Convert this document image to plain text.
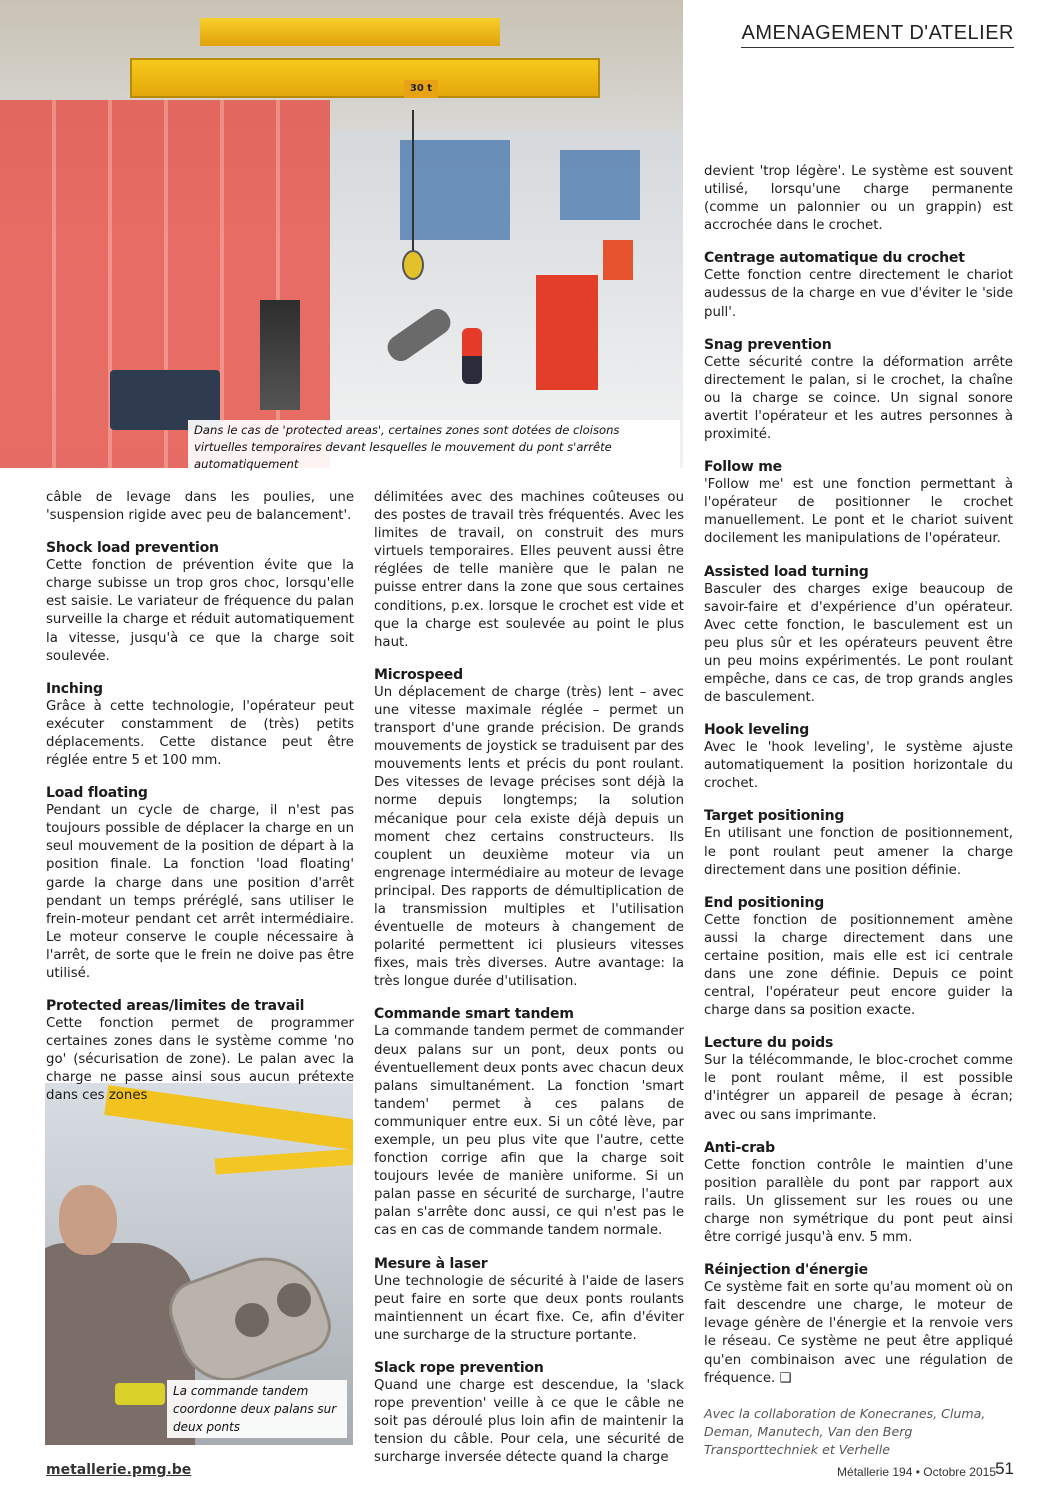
AMENAGEMENT D'ATELIER
30 t
Dans le cas de 'protected areas', certaines zones sont dotées de cloisons virtuelles temporaires devant lesquelles le mouvement du pont s'arrête automatiquement
La commande tandem coordonne deux palans sur deux ponts

câble de levage dans les poulies, une 'suspension rigide avec peu de balancement'.

Shock load prevention

Cette fonction de prévention évite que la charge subisse un trop gros choc, lorsqu'elle est saisie. Le variateur de fréquence du palan surveille la charge et réduit automatiquement la vitesse, jusqu'à ce que la charge soit soulevée.

Inching

Grâce à cette technologie, l'opérateur peut exécuter constamment de (très) petits déplacements. Cette distance peut être réglée entre 5 et 100 mm.

Load floating

Pendant un cycle de charge, il n'est pas toujours possible de déplacer la charge en un seul mouvement de la position de départ à la position finale. La fonction 'load floating' garde la charge dans une position d'arrêt pendant un temps préréglé, sans utiliser le frein-moteur pendant cet arrêt intermédiaire. Le moteur conserve le couple nécessaire à l'arrêt, de sorte que le frein ne doive pas être utilisé.

Protected areas/limites de travail

Cette fonction permet de programmer certaines zones dans le système comme 'no go' (sécurisation de zone). Le palan avec la charge ne passe ainsi sous aucun prétexte dans ces zones

délimitées avec des machines coûteuses ou des postes de travail très fréquentés. Avec les limites de travail, on construit des murs virtuels temporaires. Elles peuvent aussi être réglées de telle manière que le palan ne puisse entrer dans la zone que sous certaines conditions, p.ex. lorsque le crochet est vide et que la charge est soulevée au point le plus haut.

Microspeed

Un déplacement de charge (très) lent – avec une vitesse maximale réglée – permet un transport d'une grande précision. De grands mouvements de joystick se traduisent par des mouvements lents et précis du pont roulant. Des vitesses de levage précises sont déjà la norme depuis longtemps; la solution mécanique pour cela existe déjà depuis un moment chez certains constructeurs. Ils couplent un deuxième moteur via un engrenage intermédiaire au moteur de levage principal. Des rapports de démultiplication de la transmission multiples et l'utilisation éventuelle de moteurs à changement de polarité permettent ici plusieurs vitesses fixes, mais très diverses. Autre avantage: la très longue durée d'utilisation.

Commande smart tandem

La commande tandem permet de commander deux palans sur un pont, deux ponts ou éventuellement deux ponts avec chacun deux palans simultanément. La fonction 'smart tandem' permet à ces palans de communiquer entre eux. Si un côté lève, par exemple, un peu plus vite que l'autre, cette fonction corrige afin que la charge soit toujours levée de manière uniforme. Si un palan passe en sécurité de surcharge, l'autre palan s'arrête donc aussi, ce qui n'est pas le cas en cas de commande tandem normale.

Mesure à laser

Une technologie de sécurité à l'aide de lasers peut faire en sorte que deux ponts roulants maintiennent un écart fixe. Ce, afin d'éviter une surcharge de la structure portante.

Slack rope prevention

Quand une charge est descendue, la 'slack rope prevention' veille à ce que le câble ne soit pas déroulé plus loin afin de maintenir la tension du câble. Pour cela, une sécurité de surcharge inversée détecte quand la charge

devient 'trop légère'. Le système est souvent utilisé, lorsqu'une charge permanente (comme un palonnier ou un grappin) est accrochée dans le crochet.

Centrage automatique du crochet

Cette fonction centre directement le chariot audessus de la charge en vue d'éviter le 'side pull'.

Snag prevention

Cette sécurité contre la déformation arrête directement le palan, si le crochet, la chaîne ou la charge se coince. Un signal sonore avertit l'opérateur et les autres personnes à proximité.

Follow me

'Follow me' est une fonction permettant à l'opérateur de positionner le crochet manuellement. Le pont et le chariot suivent docilement les manipulations de l'opérateur.

Assisted load turning

Basculer des charges exige beaucoup de savoir-faire et d'expérience d'un opérateur. Avec cette fonction, le basculement est un peu plus sûr et les opérateurs peuvent être un peu moins expérimentés. Le pont roulant empêche, dans ce cas, de trop grands angles de basculement.

Hook leveling

Avec le 'hook leveling', le système ajuste automatiquement la position horizontale du crochet.

Target positioning

En utilisant une fonction de positionnement, le pont roulant peut amener la charge directement dans une position définie.

End positioning

Cette fonction de positionnement amène aussi la charge directement dans une certaine position, mais elle est ici centrale dans une zone définie. Depuis ce point central, l'opérateur peut encore guider la charge dans sa position exacte.

Lecture du poids

Sur la télécommande, le bloc-crochet comme le pont roulant même, il est possible d'intégrer un appareil de pesage à écran; avec ou sans imprimante.

Anti-crab

Cette fonction contrôle le maintien d'une position parallèle du pont par rapport aux rails. Un glissement sur les roues ou une charge non symétrique du pont peut ainsi être corrigé jusqu'à env. 5 mm.

Réinjection d'énergie

Ce système fait en sorte qu'au moment où on fait descendre une charge, le moteur de levage génère de l'énergie et la renvoie vers le réseau. Ce système ne peut être appliqué qu'en combinaison avec une régulation de fréquence. ❑

Avec la collaboration de Konecranes, Cluma, Deman, Manutech, Van den Berg Transporttechniek et Verhelle

metallerie.pmg.be	Métallerie 194 • Octobre 2015 51
